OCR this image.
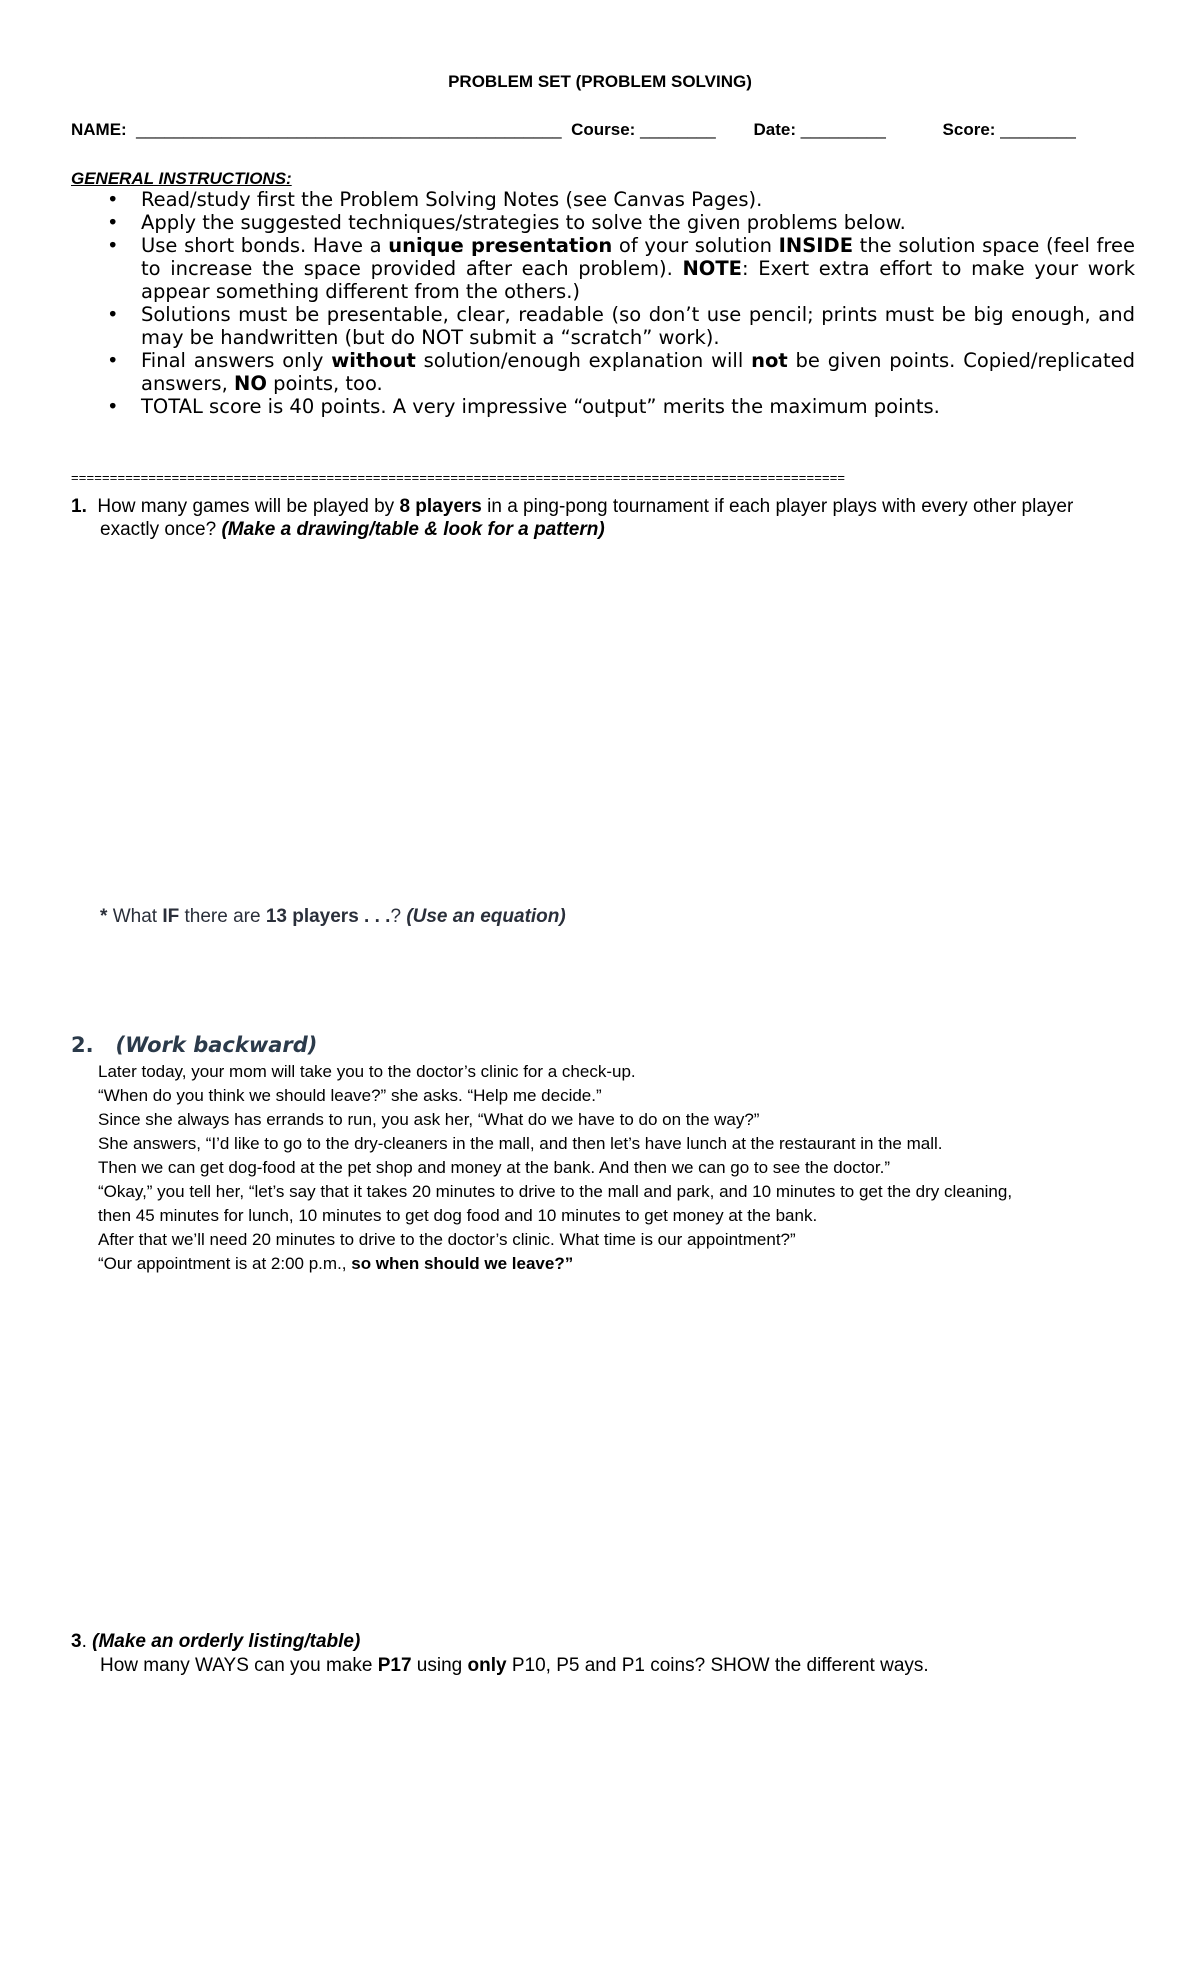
PROBLEM SET (PROBLEM SOLVING)
NAME: _____________________________________________ Course: ________ Date: _________	Score: ________
GENERAL INSTRUCTIONS:
• Read/study first the Problem Solving Notes (see Canvas Pages).
• Apply the suggested techniques/strategies to solve the given problems below.
• Use short bonds. Have a unique presentation of your solution INSIDE the solution space (feel free to increase the space provided after each problem). NOTE: Exert extra effort to make your work appear something different from the others.)
• Solutions must be presentable, clear, readable (so don’t use pencil; prints must be big enough, and may be handwritten (but do NOT submit a “scratch” work).
• Final answers only without solution/enough explanation will not be given points. Copied/replicated answers, NO points, too.
• TOTAL score is 40 points. A very impressive “output” merits the maximum points.
====================================================================================================
1. How many games will be played by 8 players in a ping-pong tournament if each player plays with every other player
exactly once? (Make a drawing/table & look for a pattern)
* What IF there are 13 players . . .? (Use an equation)
2. (Work backward)
Later today, your mom will take you to the doctor’s clinic for a check-up.
“When do you think we should leave?” she asks. “Help me decide.”
Since she always has errands to run, you ask her, “What do we have to do on the way?”
She answers, “I’d like to go to the dry-cleaners in the mall, and then let’s have lunch at the restaurant in the mall.
Then we can get dog-food at the pet shop and money at the bank. And then we can go to see the doctor.”
“Okay,” you tell her, “let’s say that it takes 20 minutes to drive to the mall and park, and 10 minutes to get the dry cleaning,
then 45 minutes for lunch, 10 minutes to get dog food and 10 minutes to get money at the bank.
After that we’ll need 20 minutes to drive to the doctor’s clinic. What time is our appointment?”
“Our appointment is at 2:00 p.m., so when should we leave?”
3. (Make an orderly listing/table)
How many WAYS can you make P17 using only P10, P5 and P1 coins? SHOW the different ways.
